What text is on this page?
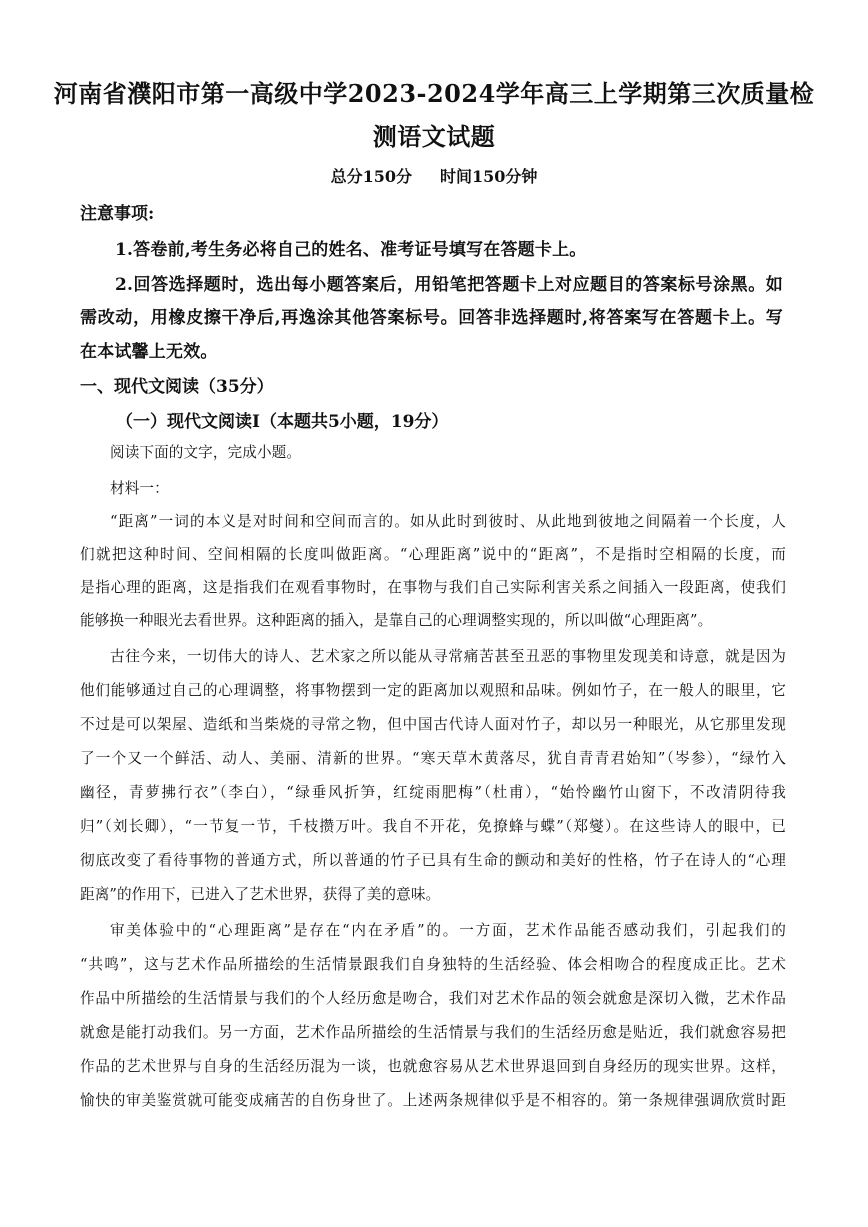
河南省濮阳市第一高级中学2023-2024学年高三上学期第三次质量检
测语文试题
总分150分 时间150分钟
注意事项:
1.答卷前,考生务必将自己的姓名、准考证号填写在答题卡上。
2.回答选择题时，选出每小题答案后，用铅笔把答题卡上对应题目的答案标号涂黑。如
需改动，用橡皮擦干净后,再逸涂其他答案标号。回答非选择题时,将答案写在答题卡上。写
在本试馨上无效。
一、现代文阅读（35分）
（一）现代文阅读Ⅰ（本题共5小题，19分）
阅读下面的文字，完成小题。
材料一：
“距离”一词的本义是对时间和空间而言的。如从此时到彼时、从此地到彼地之间隔着一个长度，人
们就把这种时间、空间相隔的长度叫做距离。“心理距离”说中的“距离”，不是指时空相隔的长度，而
是指心理的距离，这是指我们在观看事物时，在事物与我们自己实际利害关系之间插入一段距离，使我们
能够换一种眼光去看世界。这种距离的插入，是靠自己的心理调整实现的，所以叫做“心理距离”。
古往今来，一切伟大的诗人、艺术家之所以能从寻常痛苦甚至丑恶的事物里发现美和诗意，就是因为
他们能够通过自己的心理调整，将事物摆到一定的距离加以观照和品味。例如竹子，在一般人的眼里，它
不过是可以架屋、造纸和当柴烧的寻常之物，但中国古代诗人面对竹子，却以另一种眼光，从它那里发现
了一个又一个鲜活、动人、美丽、清新的世界。“寒天草木黄落尽，犹自青青君始知”（岑参），“绿竹入
幽径，青萝拂行衣”（李白），“绿垂风折笋，红绽雨肥梅”（杜甫），“始怜幽竹山窗下，不改清阴待我
归”（刘长卿），“一节复一节，千枝攒万叶。我自不开花，免撩蜂与蝶”（郑燮）。在这些诗人的眼中，已
彻底改变了看待事物的普通方式，所以普通的竹子已具有生命的颤动和美好的性格，竹子在诗人的“心理
距离”的作用下，已进入了艺术世界，获得了美的意味。
审美体验中的“心理距离”是存在“内在矛盾”的。一方面，艺术作品能否感动我们，引起我们的
“共鸣”，这与艺术作品所描绘的生活情景跟我们自身独特的生活经验、体会相吻合的程度成正比。艺术
作品中所描绘的生活情景与我们的个人经历愈是吻合，我们对艺术作品的领会就愈是深切入微，艺术作品
就愈是能打动我们。另一方面，艺术作品所描绘的生活情景与我们的生活经历愈是贴近，我们就愈容易把
作品的艺术世界与自身的生活经历混为一谈，也就愈容易从艺术世界退回到自身经历的现实世界。这样，
愉快的审美鉴赏就可能变成痛苦的自伤身世了。上述两条规律似乎是不相容的。第一条规律强调欣赏时距
